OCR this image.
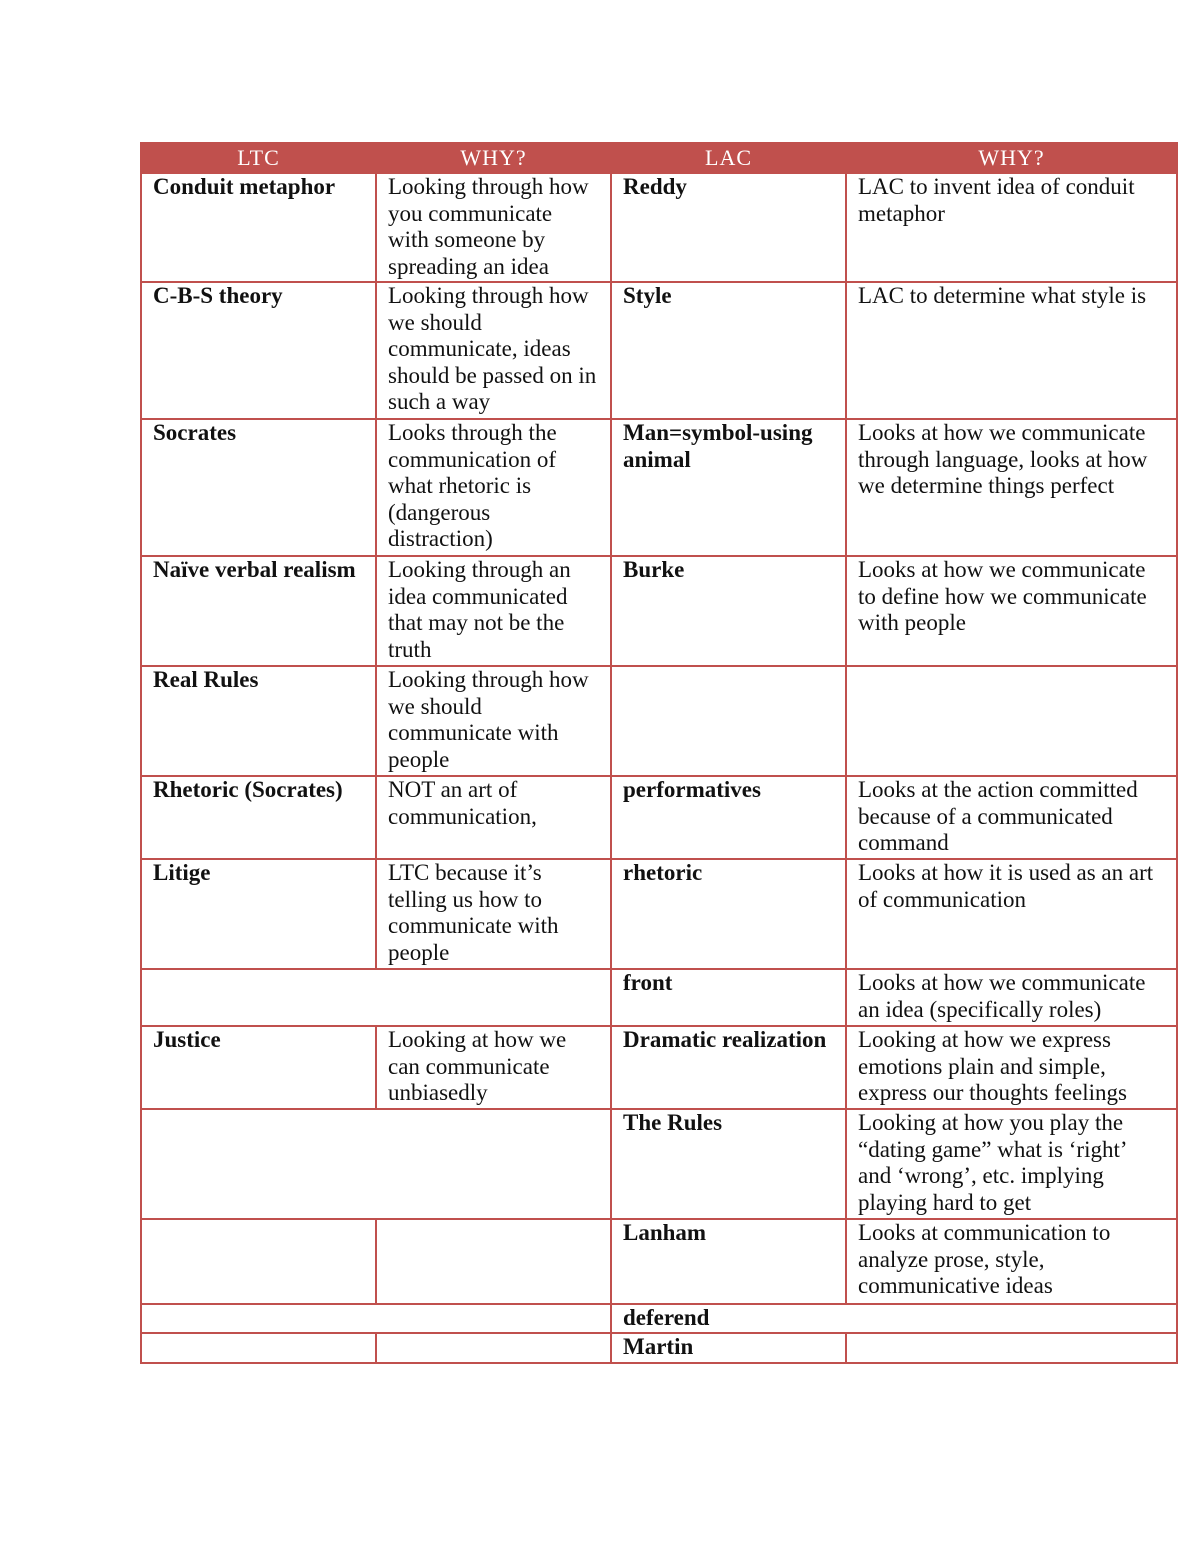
LTC	WHY?	LAC	WHY?
Conduit metaphor	Looking through how
you communicate
with someone by
spreading an idea	Reddy	LAC to invent idea of conduit
metaphor
C-B-S theory	Looking through how
we should
communicate, ideas
should be passed on in
such a way	Style	LAC to determine what style is
Socrates	Looks through the
communication of
what rhetoric is
(dangerous
distraction)	Man=symbol-using
animal	Looks at how we communicate
through language, looks at how
we determine things perfect
Naïve verbal realism	Looking through an
idea communicated
that may not be the
truth	Burke	Looks at how we communicate
to define how we communicate
with people
Real Rules	Looking through how
we should
communicate with
people		
Rhetoric (Socrates)	NOT an art of
communication,	performatives	Looks at the action committed
because of a communicated
command
Litige	LTC because it’s
telling us how to
communicate with
people	rhetoric	Looks at how it is used as an art
of communication
		front	Looks at how we communicate
an idea (specifically roles)
Justice	Looking at how we
can communicate
unbiasedly	Dramatic realization	Looking at how we express
emotions plain and simple,
express our thoughts feelings
		The Rules	Looking at how you play the
“dating game” what is ‘right’
and ‘wrong’, etc. implying
playing hard to get
		Lanham	Looks at communication to
analyze prose, style,
communicative ideas
		deferend	
		Martin	
